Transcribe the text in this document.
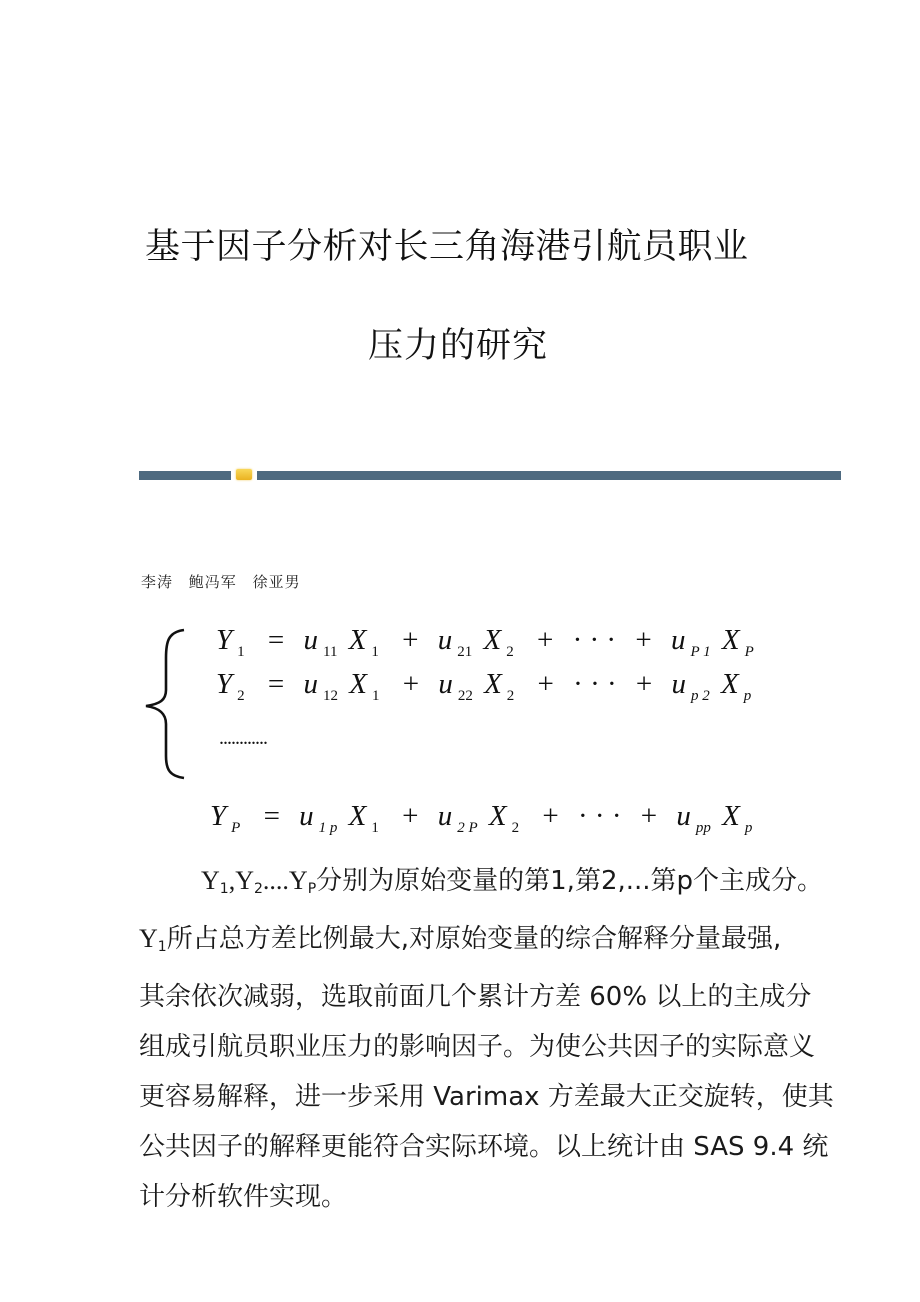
基于因子分析对长三角海港引航员职业
压力的研究
李涛 鲍冯军 徐亚男
Y $_1$ = u $_{11}$ X $_1$ + u $_{21}$ X $_2$ + · · · + u $_{P 1}$ X $_P$
Y $_2$ = u $_{12}$ X $_1$ + u $_{22}$ X $_2$ + · · · + u $_{p 2}$ X $_p$
............
Y $_P$ = u $_{1 p}$ X $_1$ + u $_{2 P}$ X $_2$ + · · · + u $_{pp}$ X $_p$
$Y_1,Y_2....Y_P$分别为原始变量的第1,第2,...第p个主成分。
$Y_1$所占总方差比例最大,对原始变量的综合解释分量最强,
其余依次减弱，选取前面几个累计方差 60% 以上的主成分
组成引航员职业压力的影响因子。为使公共因子的实际意义
更容易解释，进一步采用 Varimax 方差最大正交旋转，使其
公共因子的解释更能符合实际环境。以上统计由 SAS 9.4 统
计分析软件实现。
